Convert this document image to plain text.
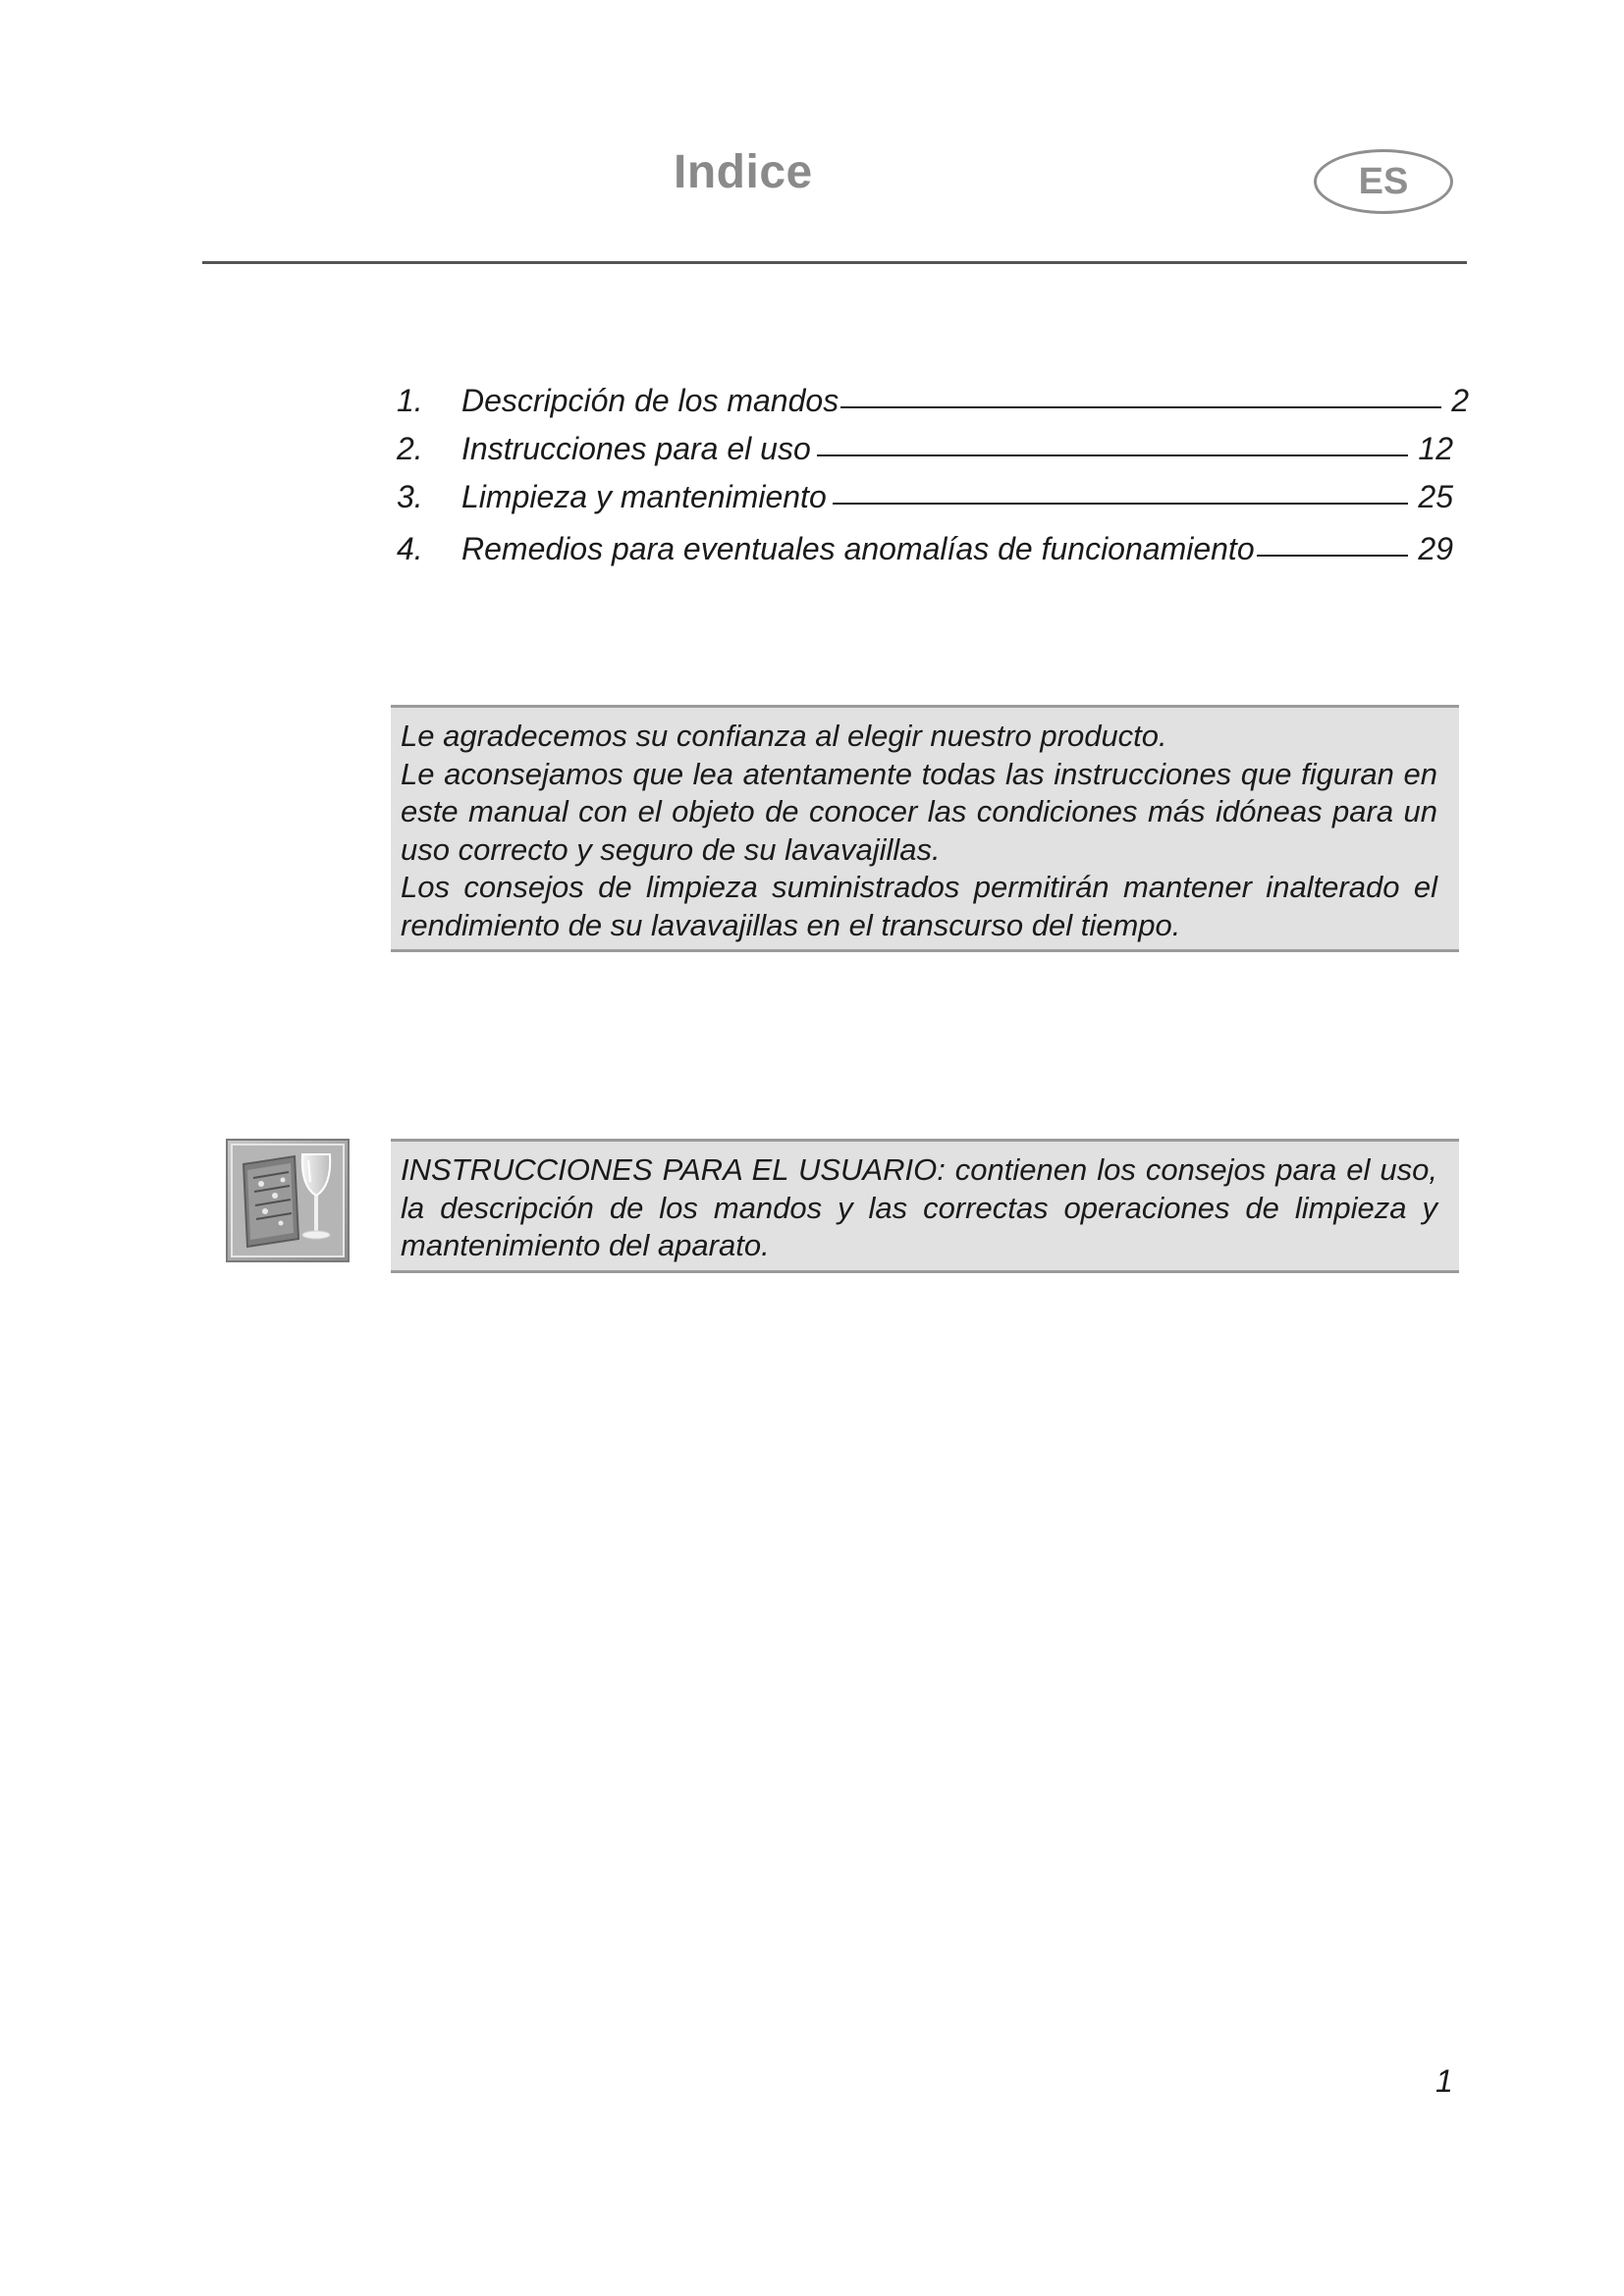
Indice	ES
1.	Descripción de los mandos	2
2.	Instrucciones para el uso	12
3.	Limpieza y mantenimiento	25
4.	Remedios para eventuales anomalías de funcionamiento	29

Le agradecemos su confianza al elegir nuestro producto.

Le aconsejamos que lea atentamente todas las instrucciones que figuran en este manual con el objeto de conocer las condiciones más idóneas para un uso correcto y seguro de su lavavajillas.

Los consejos de limpieza suministrados permitirán mantener inalterado el rendimiento de su lavavajillas en el transcurso del tiempo.

INSTRUCCIONES PARA EL USUARIO: contienen los consejos para el uso, la descripción de los mandos y las correctas operaciones de limpieza y mantenimiento del aparato.
1
